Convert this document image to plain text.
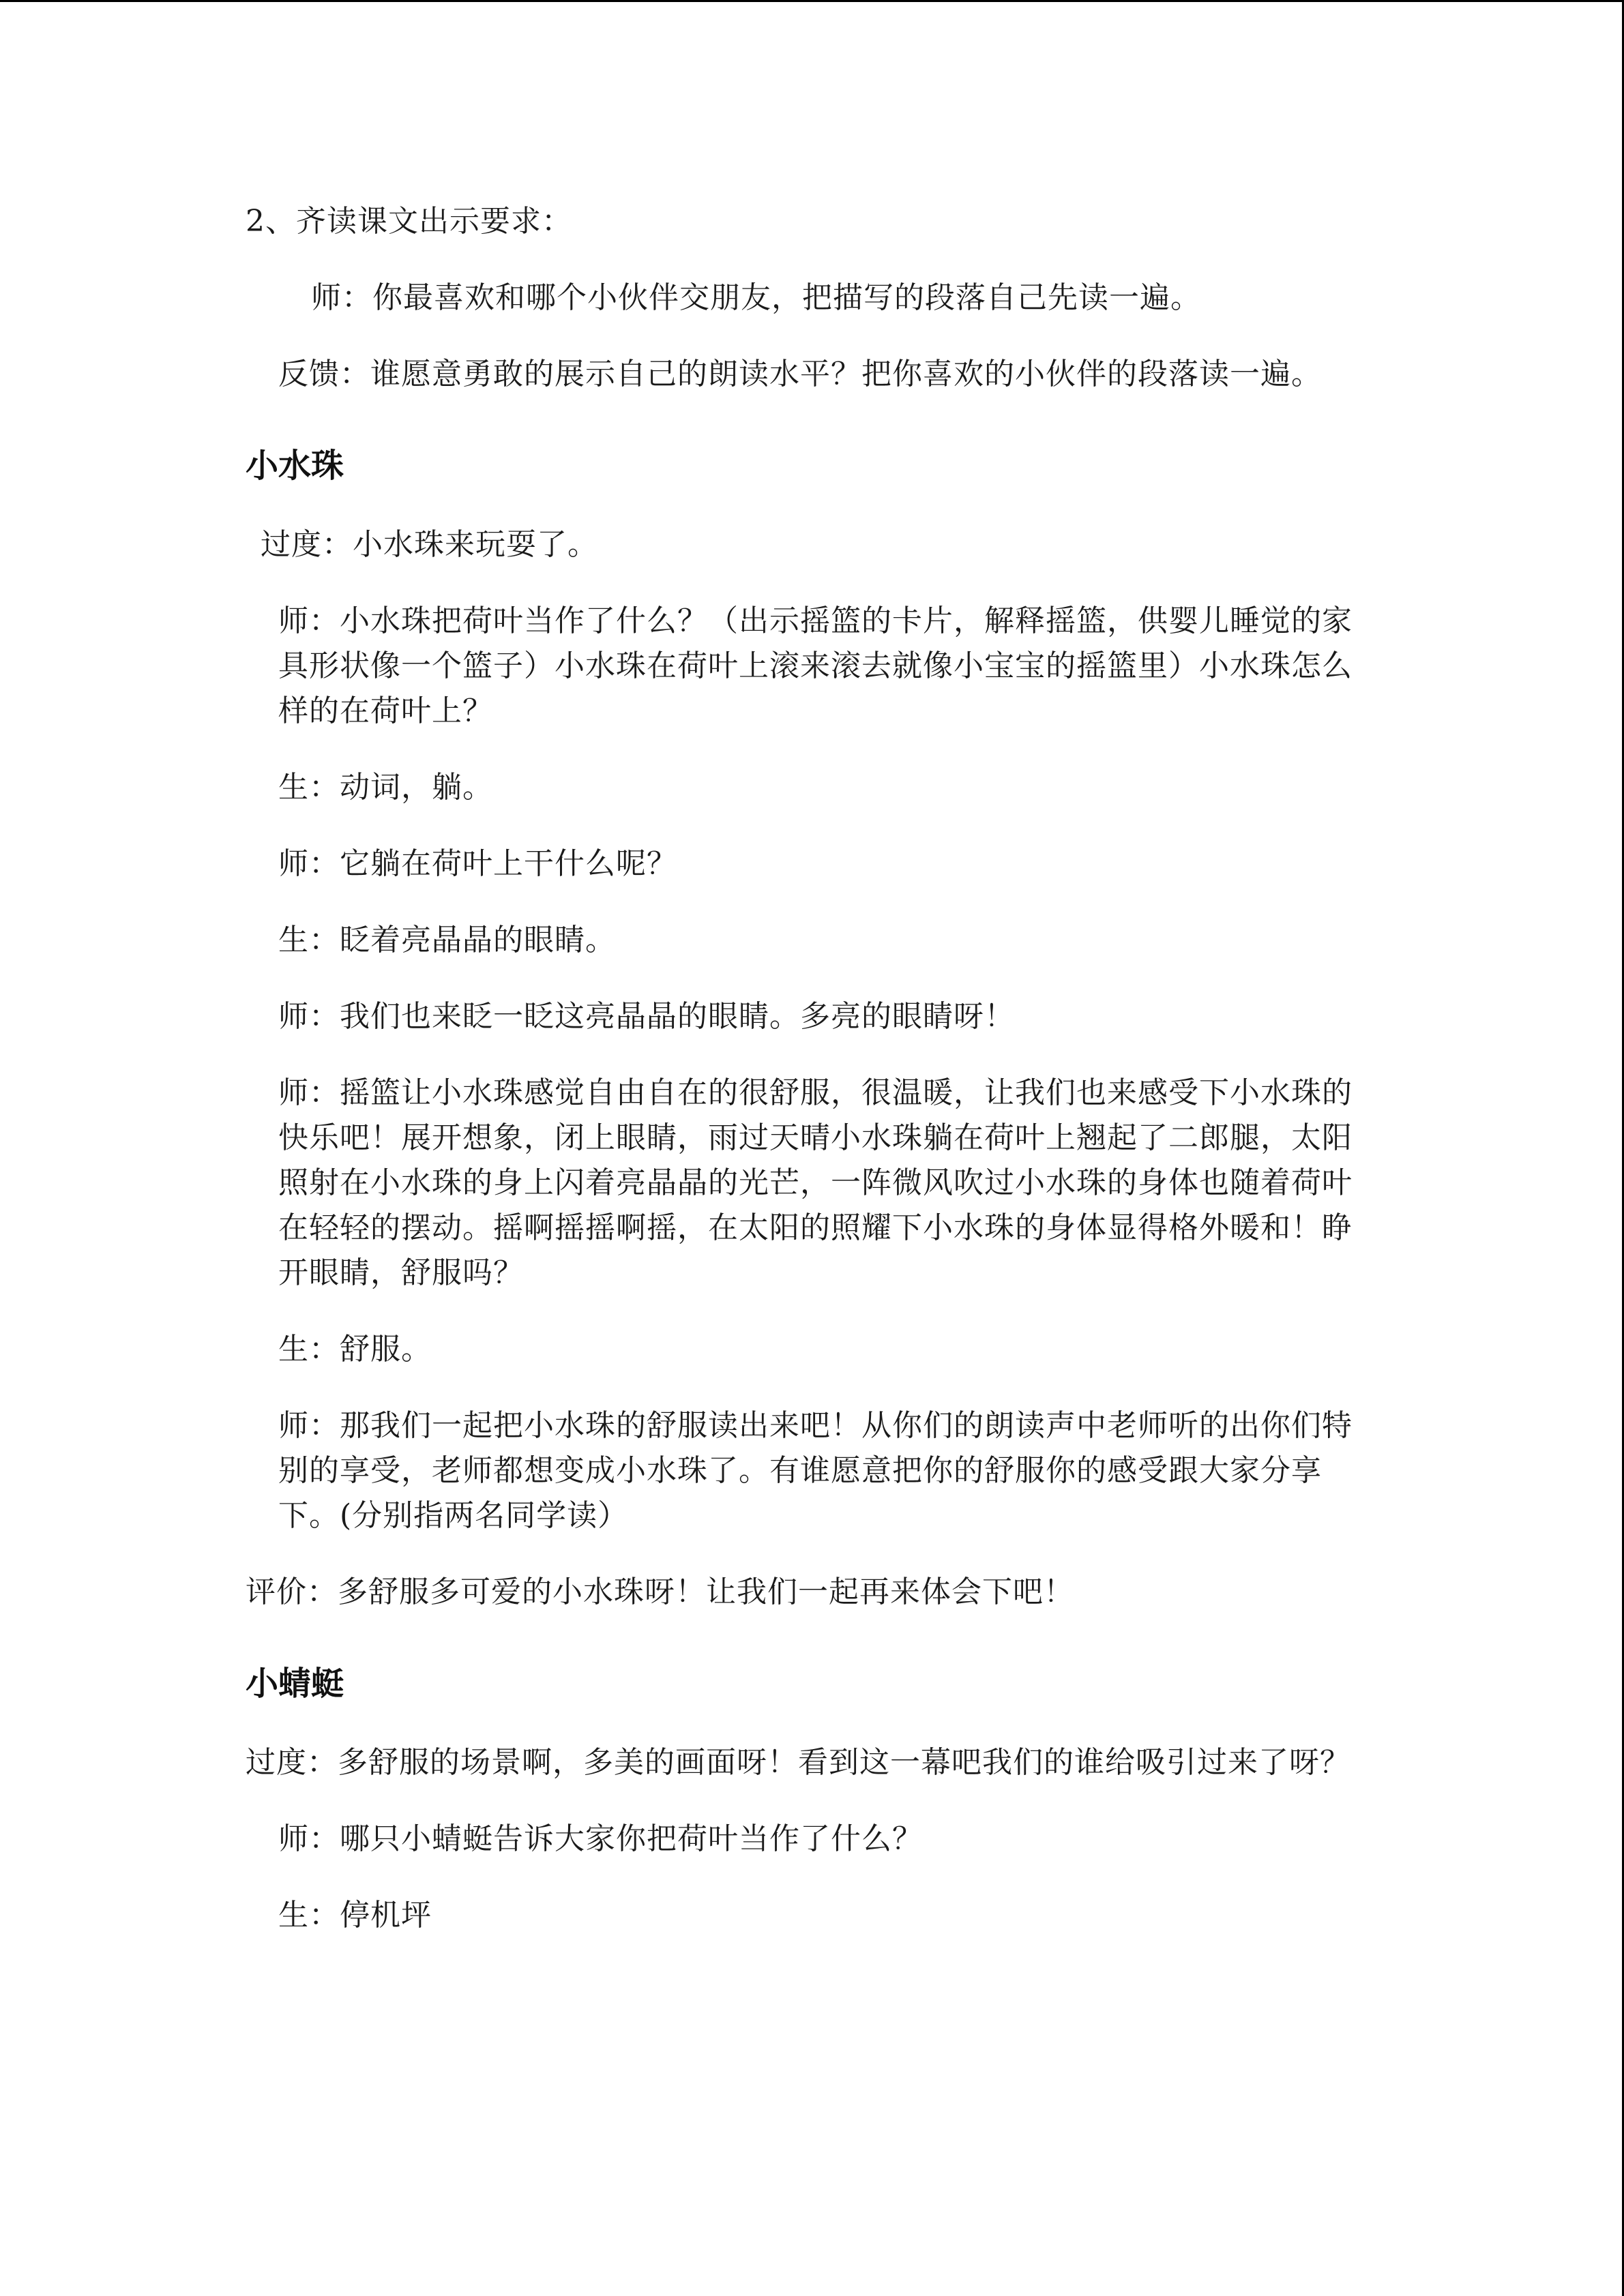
2、齐读课文出示要求：

师：你最喜欢和哪个小伙伴交朋友，把描写的段落自己先读一遍。

反馈：谁愿意勇敢的展示自己的朗读水平？把你喜欢的小伙伴的段落读一遍。

小水珠

过度：小水珠来玩耍了。

师：小水珠把荷叶当作了什么？（出示摇篮的卡片，解释摇篮，供婴儿睡觉的家具形状像一个篮子）小水珠在荷叶上滚来滚去就像小宝宝的摇篮里）小水珠怎么样的在荷叶上？

生：动词，躺。

师：它躺在荷叶上干什么呢？

生：眨着亮晶晶的眼睛。

师：我们也来眨一眨这亮晶晶的眼睛。多亮的眼睛呀！

师：摇篮让小水珠感觉自由自在的很舒服，很温暖，让我们也来感受下小水珠的快乐吧！展开想象，闭上眼睛，雨过天晴小水珠躺在荷叶上翘起了二郎腿，太阳照射在小水珠的身上闪着亮晶晶的光芒，一阵微风吹过小水珠的身体也随着荷叶在轻轻的摆动。摇啊摇摇啊摇，在太阳的照耀下小水珠的身体显得格外暖和！睁开眼睛，舒服吗？

生：舒服。

师：那我们一起把小水珠的舒服读出来吧！从你们的朗读声中老师听的出你们特别的享受，老师都想变成小水珠了。有谁愿意把你的舒服你的感受跟大家分享下。(分别指两名同学读）

评价：多舒服多可爱的小水珠呀！让我们一起再来体会下吧！

小蜻蜓

过度：多舒服的场景啊，多美的画面呀！看到这一幕吧我们的谁给吸引过来了呀？

师：哪只小蜻蜓告诉大家你把荷叶当作了什么？

生：停机坪
